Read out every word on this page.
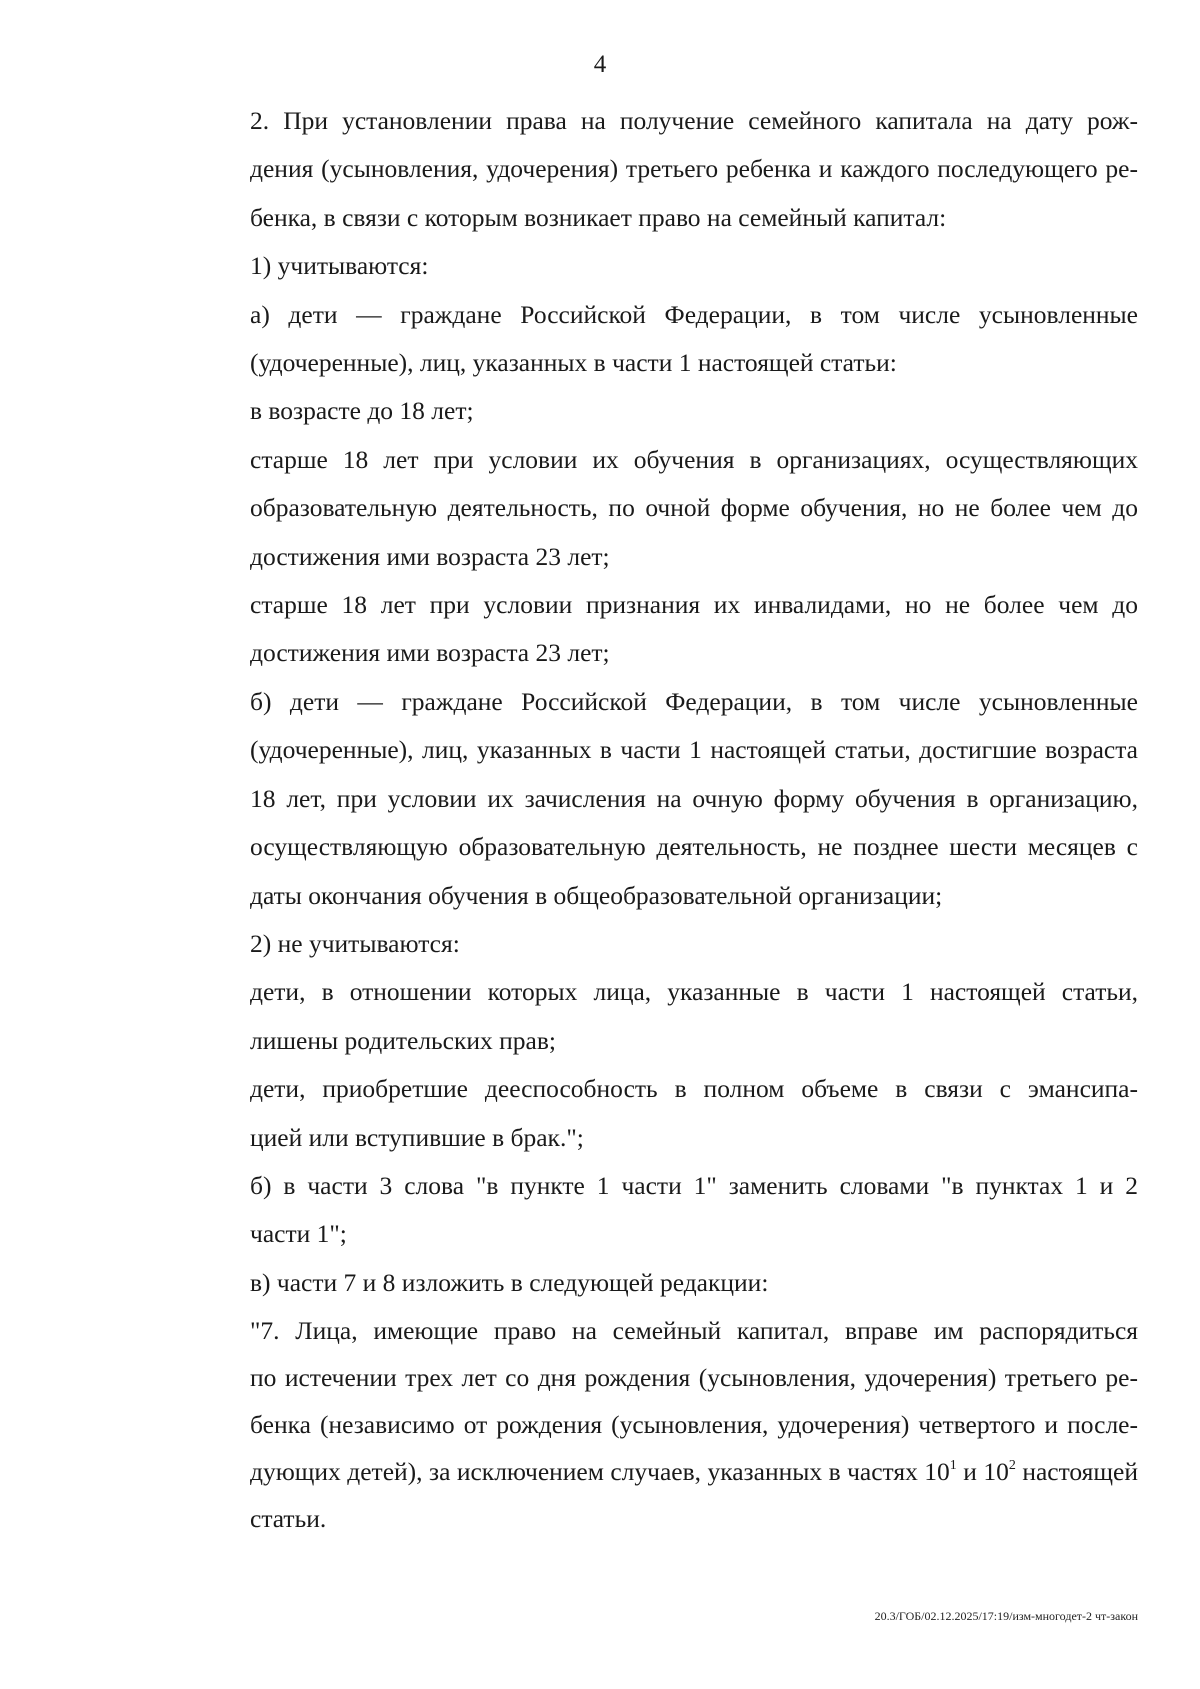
4

2. При установлении права на получение семейного капитала на дату рож-
дения (усыновления, удочерения) третьего ребенка и каждого последующего ре-
бенка, в связи с которым возникает право на семейный капитал:

1) учитываются:

а) дети — граждане Российской Федерации, в том числе усыновленные
(удочеренные), лиц, указанных в части 1 настоящей статьи:

в возрасте до 18 лет;

старше 18 лет при условии их обучения в организациях, осуществляющих
образовательную деятельность, по очной форме обучения, но не более чем до
достижения ими возраста 23 лет;

старше 18 лет при условии признания их инвалидами, но не более чем до
достижения ими возраста 23 лет;

б) дети — граждане Российской Федерации, в том числе усыновленные
(удочеренные), лиц, указанных в части 1 настоящей статьи, достигшие возраста
18 лет, при условии их зачисления на очную форму обучения в организацию,
осуществляющую образовательную деятельность, не позднее шести месяцев с
даты окончания обучения в общеобразовательной организации;

2) не учитываются:

дети, в отношении которых лица, указанные в части 1 настоящей статьи,
лишены родительских прав;

дети, приобретшие дееспособность в полном объеме в связи с эмансипа-
цией или вступившие в брак.";

б) в части 3 слова "в пункте 1 части 1" заменить словами "в пунктах 1 и 2
части 1";

в) части 7 и 8 изложить в следующей редакции:

"7. Лица, имеющие право на семейный капитал, вправе им распорядиться
по истечении трех лет со дня рождения (усыновления, удочерения) третьего ре-
бенка (независимо от рождения (усыновления, удочерения) четвертого и после-
дующих детей), за исключением случаев, указанных в частях $10^1$ и $10^2$ настоящей
статьи.

20.3/ГОБ/02.12.2025/17:19/изм-многодет-2 чт-закон
